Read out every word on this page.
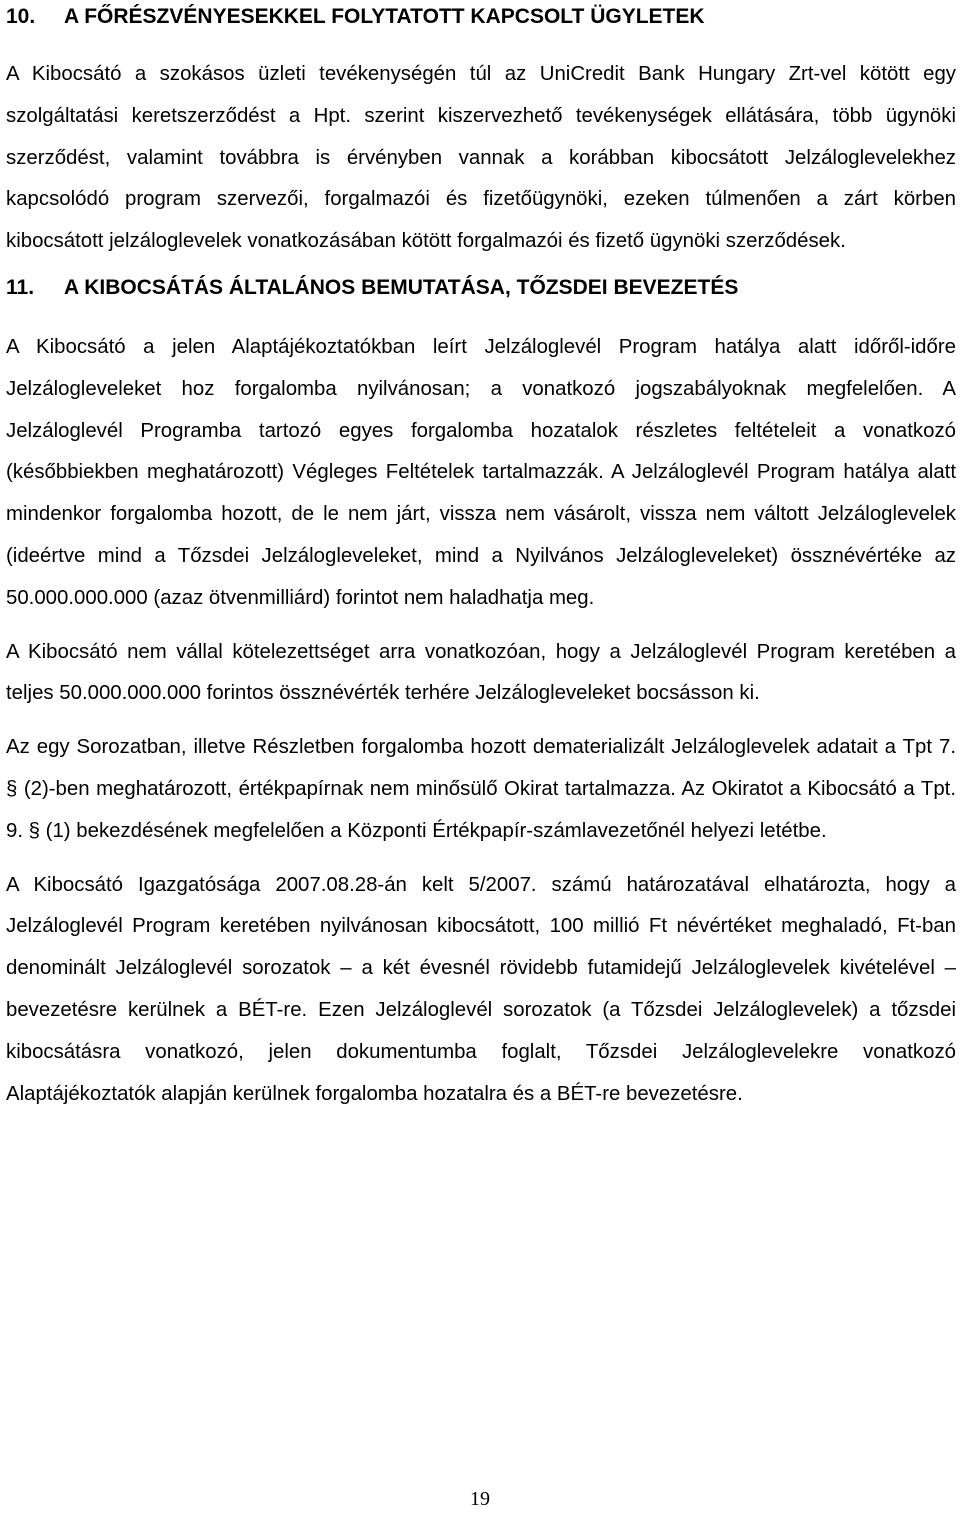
10.	A FŐRÉSZVÉNYESEKKEL FOLYTATOTT KAPCSOLT ÜGYLETEK

A Kibocsátó a szokásos üzleti tevékenységén túl az UniCredit Bank Hungary Zrt-vel kötött egy szolgáltatási keretszerződést a Hpt. szerint kiszervezhető tevékenységek ellátására, több ügynöki szerződést, valamint továbbra is érvényben vannak a korábban kibocsátott Jelzáloglevelekhez kapcsolódó program szervezői, forgalmazói és fizetőügynöki, ezeken túlmenően a zárt körben kibocsátott jelzáloglevelek vonatkozásában kötött forgalmazói és fizető ügynöki szerződések.

11.	A KIBOCSÁTÁS ÁLTALÁNOS BEMUTATÁSA, TŐZSDEI BEVEZETÉS

A Kibocsátó a jelen Alaptájékoztatókban leírt Jelzáloglevél Program hatálya alatt időről-időre Jelzálogleveleket hoz forgalomba nyilvánosan; a vonatkozó jogszabályoknak megfelelően. A Jelzáloglevél Programba tartozó egyes forgalomba hozatalok részletes feltételeit a vonatkozó (későbbiekben meghatározott) Végleges Feltételek tartalmazzák. A Jelzáloglevél Program hatálya alatt mindenkor forgalomba hozott, de le nem járt, vissza nem vásárolt, vissza nem váltott Jelzáloglevelek (ideértve mind a Tőzsdei Jelzálogleveleket, mind a Nyilvános Jelzálogleveleket) össznévértéke az 50.000.000.000 (azaz ötvenmilliárd) forintot nem haladhatja meg.

A Kibocsátó nem vállal kötelezettséget arra vonatkozóan, hogy a Jelzáloglevél Program keretében a teljes 50.000.000.000 forintos össznévérték terhére Jelzálogleveleket bocsásson ki.

Az egy Sorozatban, illetve Részletben forgalomba hozott dematerializált Jelzáloglevelek adatait a Tpt 7. § (2)-ben meghatározott, értékpapírnak nem minősülő Okirat tartalmazza. Az Okiratot a Kibocsátó a Tpt. 9. § (1) bekezdésének megfelelően a Központi Értékpapír-számlavezetőnél helyezi letétbe.

A Kibocsátó Igazgatósága 2007.08.28-án kelt 5/2007. számú határozatával elhatározta, hogy a Jelzáloglevél Program keretében nyilvánosan kibocsátott, 100 millió Ft névértéket meghaladó, Ft-ban denominált Jelzáloglevél sorozatok – a két évesnél rövidebb futamidejű Jelzáloglevelek kivételével – bevezetésre kerülnek a BÉT-re. Ezen Jelzáloglevél sorozatok (a Tőzsdei Jelzáloglevelek) a tőzsdei kibocsátásra vonatkozó, jelen dokumentumba foglalt, Tőzsdei Jelzáloglevelekre vonatkozó Alaptájékoztatók alapján kerülnek forgalomba hozatalra és a BÉT-re bevezetésre.

19
